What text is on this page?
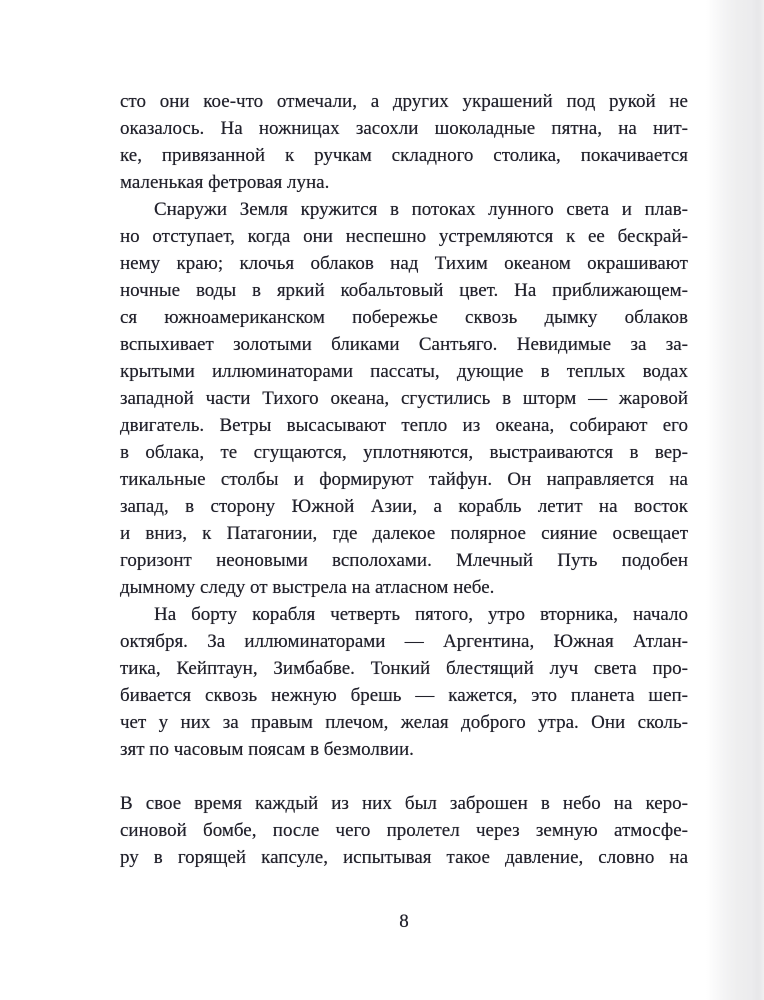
сто они кое-что отмечали, а других украшений под рукой не
оказалось. На ножницах засохли шоколадные пятна, на нит-
ке, привязанной к ручкам складного столика, покачивается
маленькая фетровая луна.
Снаружи Земля кружится в потоках лунного света и плав-
но отступает, когда они неспешно устремляются к ее бескрай-
нему краю; клочья облаков над Тихим океаном окрашивают
ночные воды в яркий кобальтовый цвет. На приближающем-
ся южноамериканском побережье сквозь дымку облаков
вспыхивает золотыми бликами Сантьяго. Невидимые за за-
крытыми иллюминаторами пассаты, дующие в теплых водах
западной части Тихого океана, сгустились в шторм — жаровой
двигатель. Ветры высасывают тепло из океана, собирают его
в облака, те сгущаются, уплотняются, выстраиваются в вер-
тикальные столбы и формируют тайфун. Он направляется на
запад, в сторону Южной Азии, а корабль летит на восток
и вниз, к Патагонии, где далекое полярное сияние освещает
горизонт неоновыми всполохами. Млечный Путь подобен
дымному следу от выстрела на атласном небе.
На борту корабля четверть пятого, утро вторника, начало
октября. За иллюминаторами — Аргентина, Южная Атлан-
тика, Кейптаун, Зимбабве. Тонкий блестящий луч света про-
бивается сквозь нежную брешь — кажется, это планета шеп-
чет у них за правым плечом, желая доброго утра. Они сколь-
зят по часовым поясам в безмолвии.
В свое время каждый из них был заброшен в небо на керо-
синовой бомбе, после чего пролетел через земную атмосфе-
ру в горящей капсуле, испытывая такое давление, словно на
8
